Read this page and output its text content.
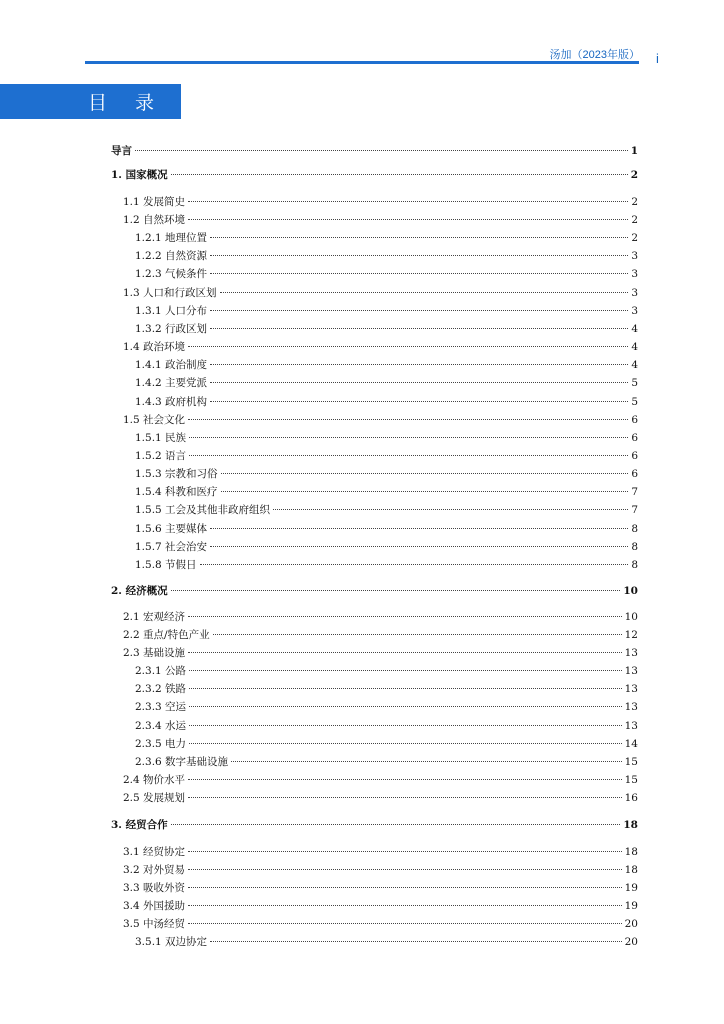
汤加（2023年版） i
目 录
导言	1
1. 国家概况	2
1.1 发展简史	2
1.2 自然环境	2
1.2.1 地理位置	2
1.2.2 自然资源	3
1.2.3 气候条件	3
1.3 人口和行政区划	3
1.3.1 人口分布	3
1.3.2 行政区划	4
1.4 政治环境	4
1.4.1 政治制度	4
1.4.2 主要党派	5
1.4.3 政府机构	5
1.5 社会文化	6
1.5.1 民族	6
1.5.2 语言	6
1.5.3 宗教和习俗	6
1.5.4 科教和医疗	7
1.5.5 工会及其他非政府组织	7
1.5.6 主要媒体	8
1.5.7 社会治安	8
1.5.8 节假日	8
2. 经济概况	10
2.1 宏观经济	10
2.2 重点/特色产业	12
2.3 基础设施	13
2.3.1 公路	13
2.3.2 铁路	13
2.3.3 空运	13
2.3.4 水运	13
2.3.5 电力	14
2.3.6 数字基础设施	15
2.4 物价水平	15
2.5 发展规划	16
3. 经贸合作	18
3.1 经贸协定	18
3.2 对外贸易	18
3.3 吸收外资	19
3.4 外国援助	19
3.5 中汤经贸	20
3.5.1 双边协定	20
